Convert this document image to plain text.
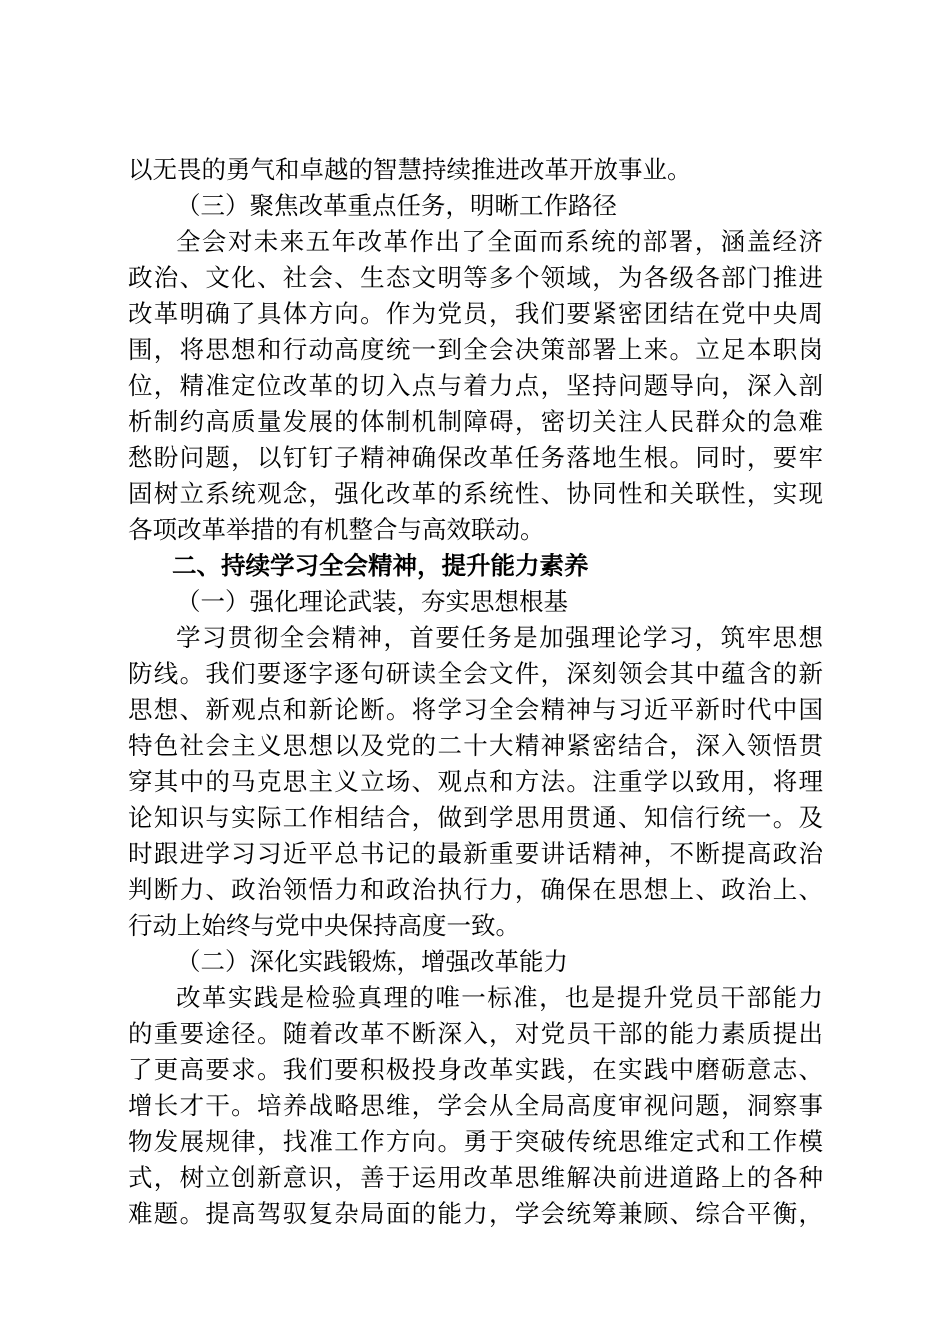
以无畏的勇气和卓越的智慧持续推进改革开放事业。
（三）聚焦改革重点任务，明晰工作路径
全会对未来五年改革作出了全面而系统的部署，涵盖经济
政治、文化、社会、生态文明等多个领域，为各级各部门推进
改革明确了具体方向。作为党员，我们要紧密团结在党中央周
围，将思想和行动高度统一到全会决策部署上来。立足本职岗
位，精准定位改革的切入点与着力点，坚持问题导向，深入剖
析制约高质量发展的体制机制障碍，密切关注人民群众的急难
愁盼问题，以钉钉子精神确保改革任务落地生根。同时，要牢
固树立系统观念，强化改革的系统性、协同性和关联性，实现
各项改革举措的有机整合与高效联动。
二、持续学习全会精神，提升能力素养
（一）强化理论武装，夯实思想根基
学习贯彻全会精神，首要任务是加强理论学习，筑牢思想
防线。我们要逐字逐句研读全会文件，深刻领会其中蕴含的新
思想、新观点和新论断。将学习全会精神与习近平新时代中国
特色社会主义思想以及党的二十大精神紧密结合，深入领悟贯
穿其中的马克思主义立场、观点和方法。注重学以致用，将理
论知识与实际工作相结合，做到学思用贯通、知信行统一。及
时跟进学习习近平总书记的最新重要讲话精神，不断提高政治
判断力、政治领悟力和政治执行力，确保在思想上、政治上、
行动上始终与党中央保持高度一致。
（二）深化实践锻炼，增强改革能力
改革实践是检验真理的唯一标准，也是提升党员干部能力
的重要途径。随着改革不断深入，对党员干部的能力素质提出
了更高要求。我们要积极投身改革实践，在实践中磨砺意志、
增长才干。培养战略思维，学会从全局高度审视问题，洞察事
物发展规律，找准工作方向。勇于突破传统思维定式和工作模
式，树立创新意识，善于运用改革思维解决前进道路上的各种
难题。提高驾驭复杂局面的能力，学会统筹兼顾、综合平衡，
